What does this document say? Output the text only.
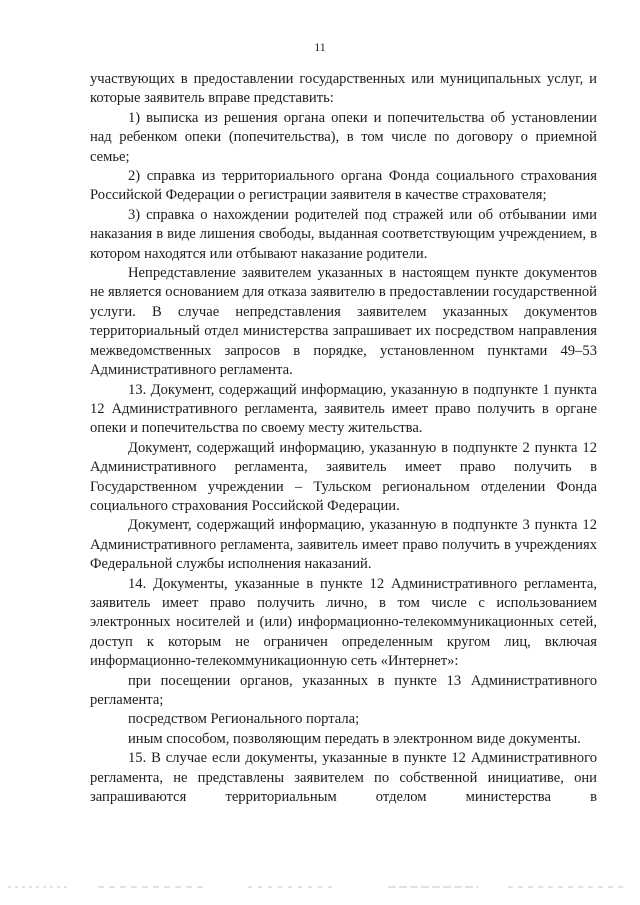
11

участвующих в предоставлении государственных или муниципальных услуг, и которые заявитель вправе представить:

1) выписка из решения органа опеки и попечительства об установлении над ребенком опеки (попечительства), в том числе по договору о приемной семье;

2) справка из территориального органа Фонда социального страхования Российской Федерации о регистрации заявителя в качестве страхователя;

3) справка о нахождении родителей под стражей или об отбывании ими наказания в виде лишения свободы, выданная соответствующим учреждением, в котором находятся или отбывают наказание родители.

Непредставление заявителем указанных в настоящем пункте документов не является основанием для отказа заявителю в предоставлении государственной услуги. В случае непредставления заявителем указанных документов территориальный отдел министерства запрашивает их посредством направления межведомственных запросов в порядке, установленном пунктами 49–53 Административного регламента.

13. Документ, содержащий информацию, указанную в подпункте 1 пункта 12 Административного регламента, заявитель имеет право получить в органе опеки и попечительства по своему месту жительства.

Документ, содержащий информацию, указанную в подпункте 2 пункта 12 Административного регламента, заявитель имеет право получить в Государственном учреждении – Тульском региональном отделении Фонда социального страхования Российской Федерации.

Документ, содержащий информацию, указанную в подпункте 3 пункта 12 Административного регламента, заявитель имеет право получить в учреждениях Федеральной службы исполнения наказаний.

14. Документы, указанные в пункте 12 Административного регламента, заявитель имеет право получить лично, в том числе с использованием электронных носителей и (или) информационно-телекоммуникационных сетей, доступ к которым не ограничен определенным кругом лиц, включая информационно-телекоммуникационную сеть «Интернет»:

при посещении органов, указанных в пункте 13 Административного регламента;

посредством Регионального портала;

иным способом, позволяющим передать в электронном виде документы.

15. В случае если документы, указанные в пункте 12 Административного регламента, не представлены заявителем по собственной инициативе, они запрашиваются территориальным отделом министерства в
